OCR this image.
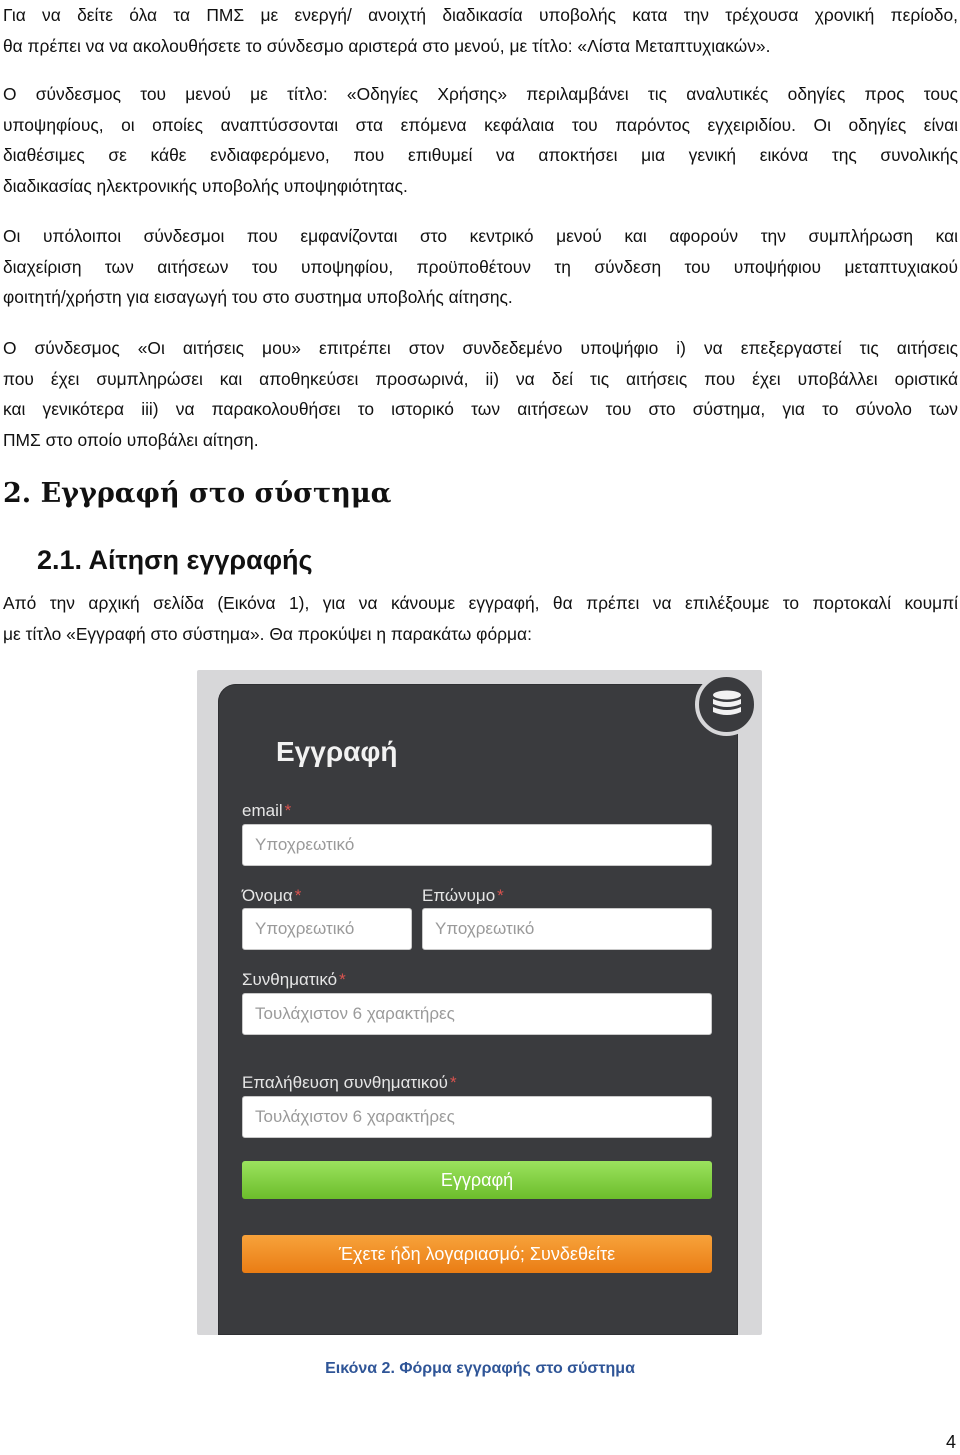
Για να δείτε όλα τα ΠΜΣ με ενεργή/ ανοιχτή διαδικασία υποβολής κατα την τρέχουσα χρονική περίοδο,
θα πρέπει να να ακολουθήσετε το σύνδεσμο αριστερά στο μενού, με τίτλο: «Λίστα Μεταπτυχιακών».
Ο σύνδεσμος του μενού με τίτλο: «Οδηγίες Χρήσης» περιλαμβάνει τις αναλυτικές οδηγίες προς τους
υποψηφίους, οι οποίες αναπτύσσονται στα επόμενα κεφάλαια του παρόντος εγχειριδίου. Οι οδηγίες είναι
διαθέσιμες σε κάθε ενδιαφερόμενο, που επιθυμεί να αποκτήσει μια γενική εικόνα της συνολικής
διαδικασίας ηλεκτρονικής υποβολής υποψηφιότητας.
Οι υπόλοιποι σύνδεσμοι που εμφανίζονται στο κεντρικό μενού και αφορούν την συμπλήρωση και
διαχείριση των αιτήσεων του υποψηφίου, προϋποθέτουν τη σύνδεση του υποψήφιου μεταπτυχιακού
φοιτητή/χρήστη για εισαγωγή του στο συστημα υποβολής αίτησης.
Ο σύνδεσμος «Οι αιτήσεις μου» επιτρέπει στον συνδεδεμένο υποψήφιο i) να επεξεργαστεί τις αιτήσεις
που έχει συμπληρώσει και αποθηκεύσει προσωρινά, ii) να δεί τις αιτήσεις που έχει υποβάλλει οριστικά
και γενικότερα iii) να παρακολουθήσει το ιστορικό των αιτήσεων του στο σύστημα, για το σύνολο των
ΠΜΣ στο οποίο υποβάλει αίτηση.
2. Εγγραφή στο σύστημα
2.1. Αίτηση εγγραφής
Από την αρχική σελίδα (Εικόνα 1), για να κάνουμε εγγραφή, θα πρέπει να επιλέξουμε το πορτοκαλί κουμπί
με τίτλο «Εγγραφή στο σύστημα». Θα προκύψει η παρακάτω φόρμα:
Εγγραφή
email *
Υποχρεωτικό
Όνομα *
Υποχρεωτικό
Επώνυμο *
Υποχρεωτικό
Συνθηματικό *
Τουλάχιστον 6 χαρακτήρες
Επαλήθευση συνθηματικού *
Τουλάχιστον 6 χαρακτήρες
Εγγραφή
Έχετε ήδη λογαριασμό; Συνδεθείτε
Εικόνα 2. Φόρμα εγγραφής στο σύστημα
4
